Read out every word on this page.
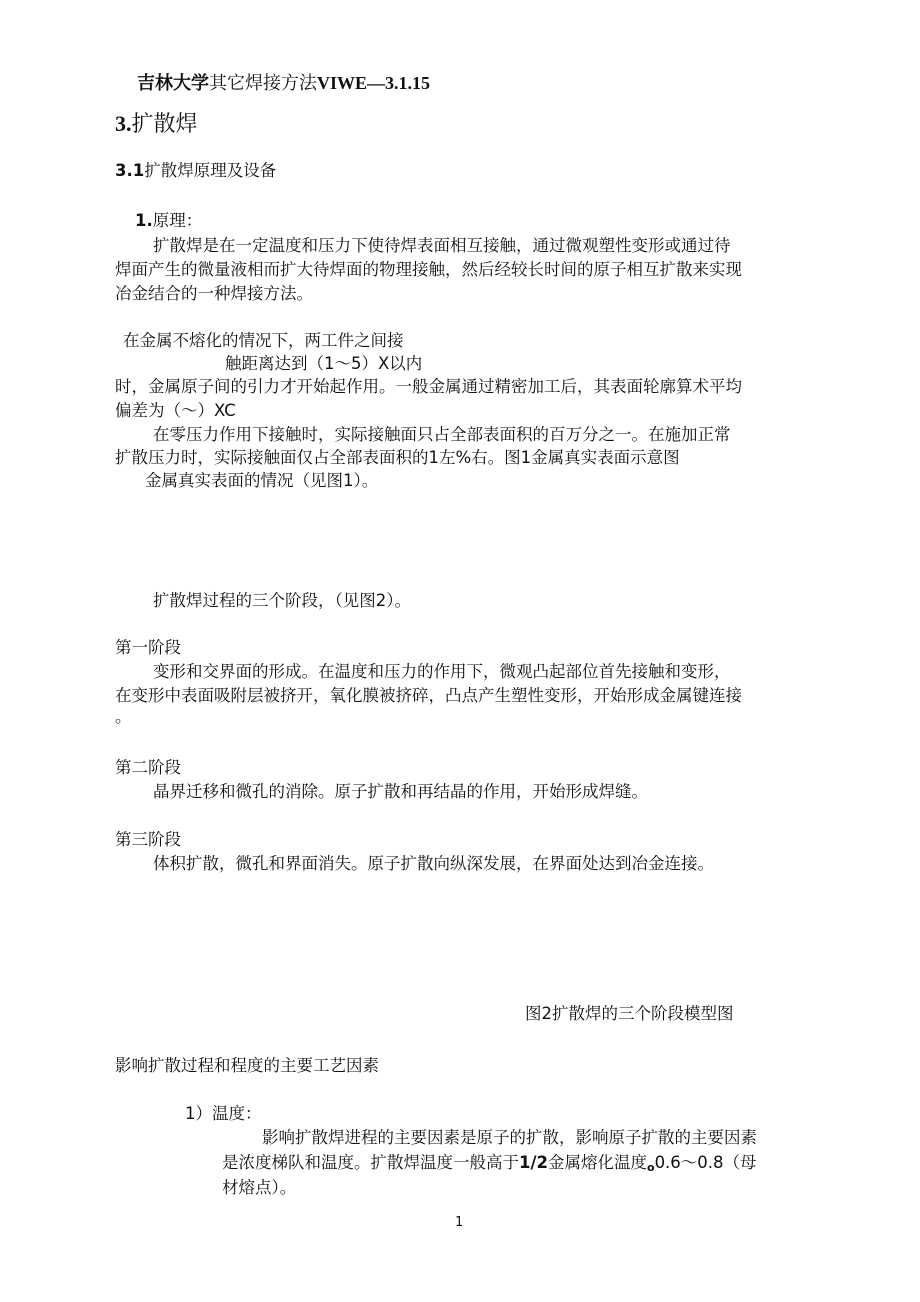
吉林大学其它焊接方法VIWE—3.1.15
3.扩散焊
3.1扩散焊原理及设备
1.原理：
扩散焊是在一定温度和压力下使待焊表面相互接触，通过微观塑性变形或通过待
焊面产生的微量液相而扩大待焊面的物理接触，然后经较长时间的原子相互扩散来实现
冶金结合的一种焊接方法。
在金属不熔化的情况下，两工件之间接
触距离达到（1～5）X以内
时，金属原子间的引力才开始起作用。一般金属通过精密加工后，其表面轮廓算术平均
偏差为（～）XC
在零压力作用下接触时，实际接触面只占全部表面积的百万分之一。在施加正常
扩散压力时，实际接触面仅占全部表面积的1左%右。图1金属真实表面示意图
金属真实表面的情况（见图1）。
扩散焊过程的三个阶段，（见图2）。
第一阶段
变形和交界面的形成。在温度和压力的作用下，微观凸起部位首先接触和变形，
在变形中表面吸附层被挤开，氧化膜被挤碎，凸点产生塑性变形，开始形成金属键连接
。
第二阶段
晶界迁移和微孔的消除。原子扩散和再结晶的作用，开始形成焊缝。
第三阶段
体积扩散，微孔和界面消失。原子扩散向纵深发展，在界面处达到冶金连接。
图2扩散焊的三个阶段模型图
影响扩散过程和程度的主要工艺因素
1）温度：
影响扩散焊进程的主要因素是原子的扩散，影响原子扩散的主要因素
是浓度梯队和温度。扩散焊温度一般高于1/2金属熔化温度$_o$0.6～0.8（母
材熔点）。
1
